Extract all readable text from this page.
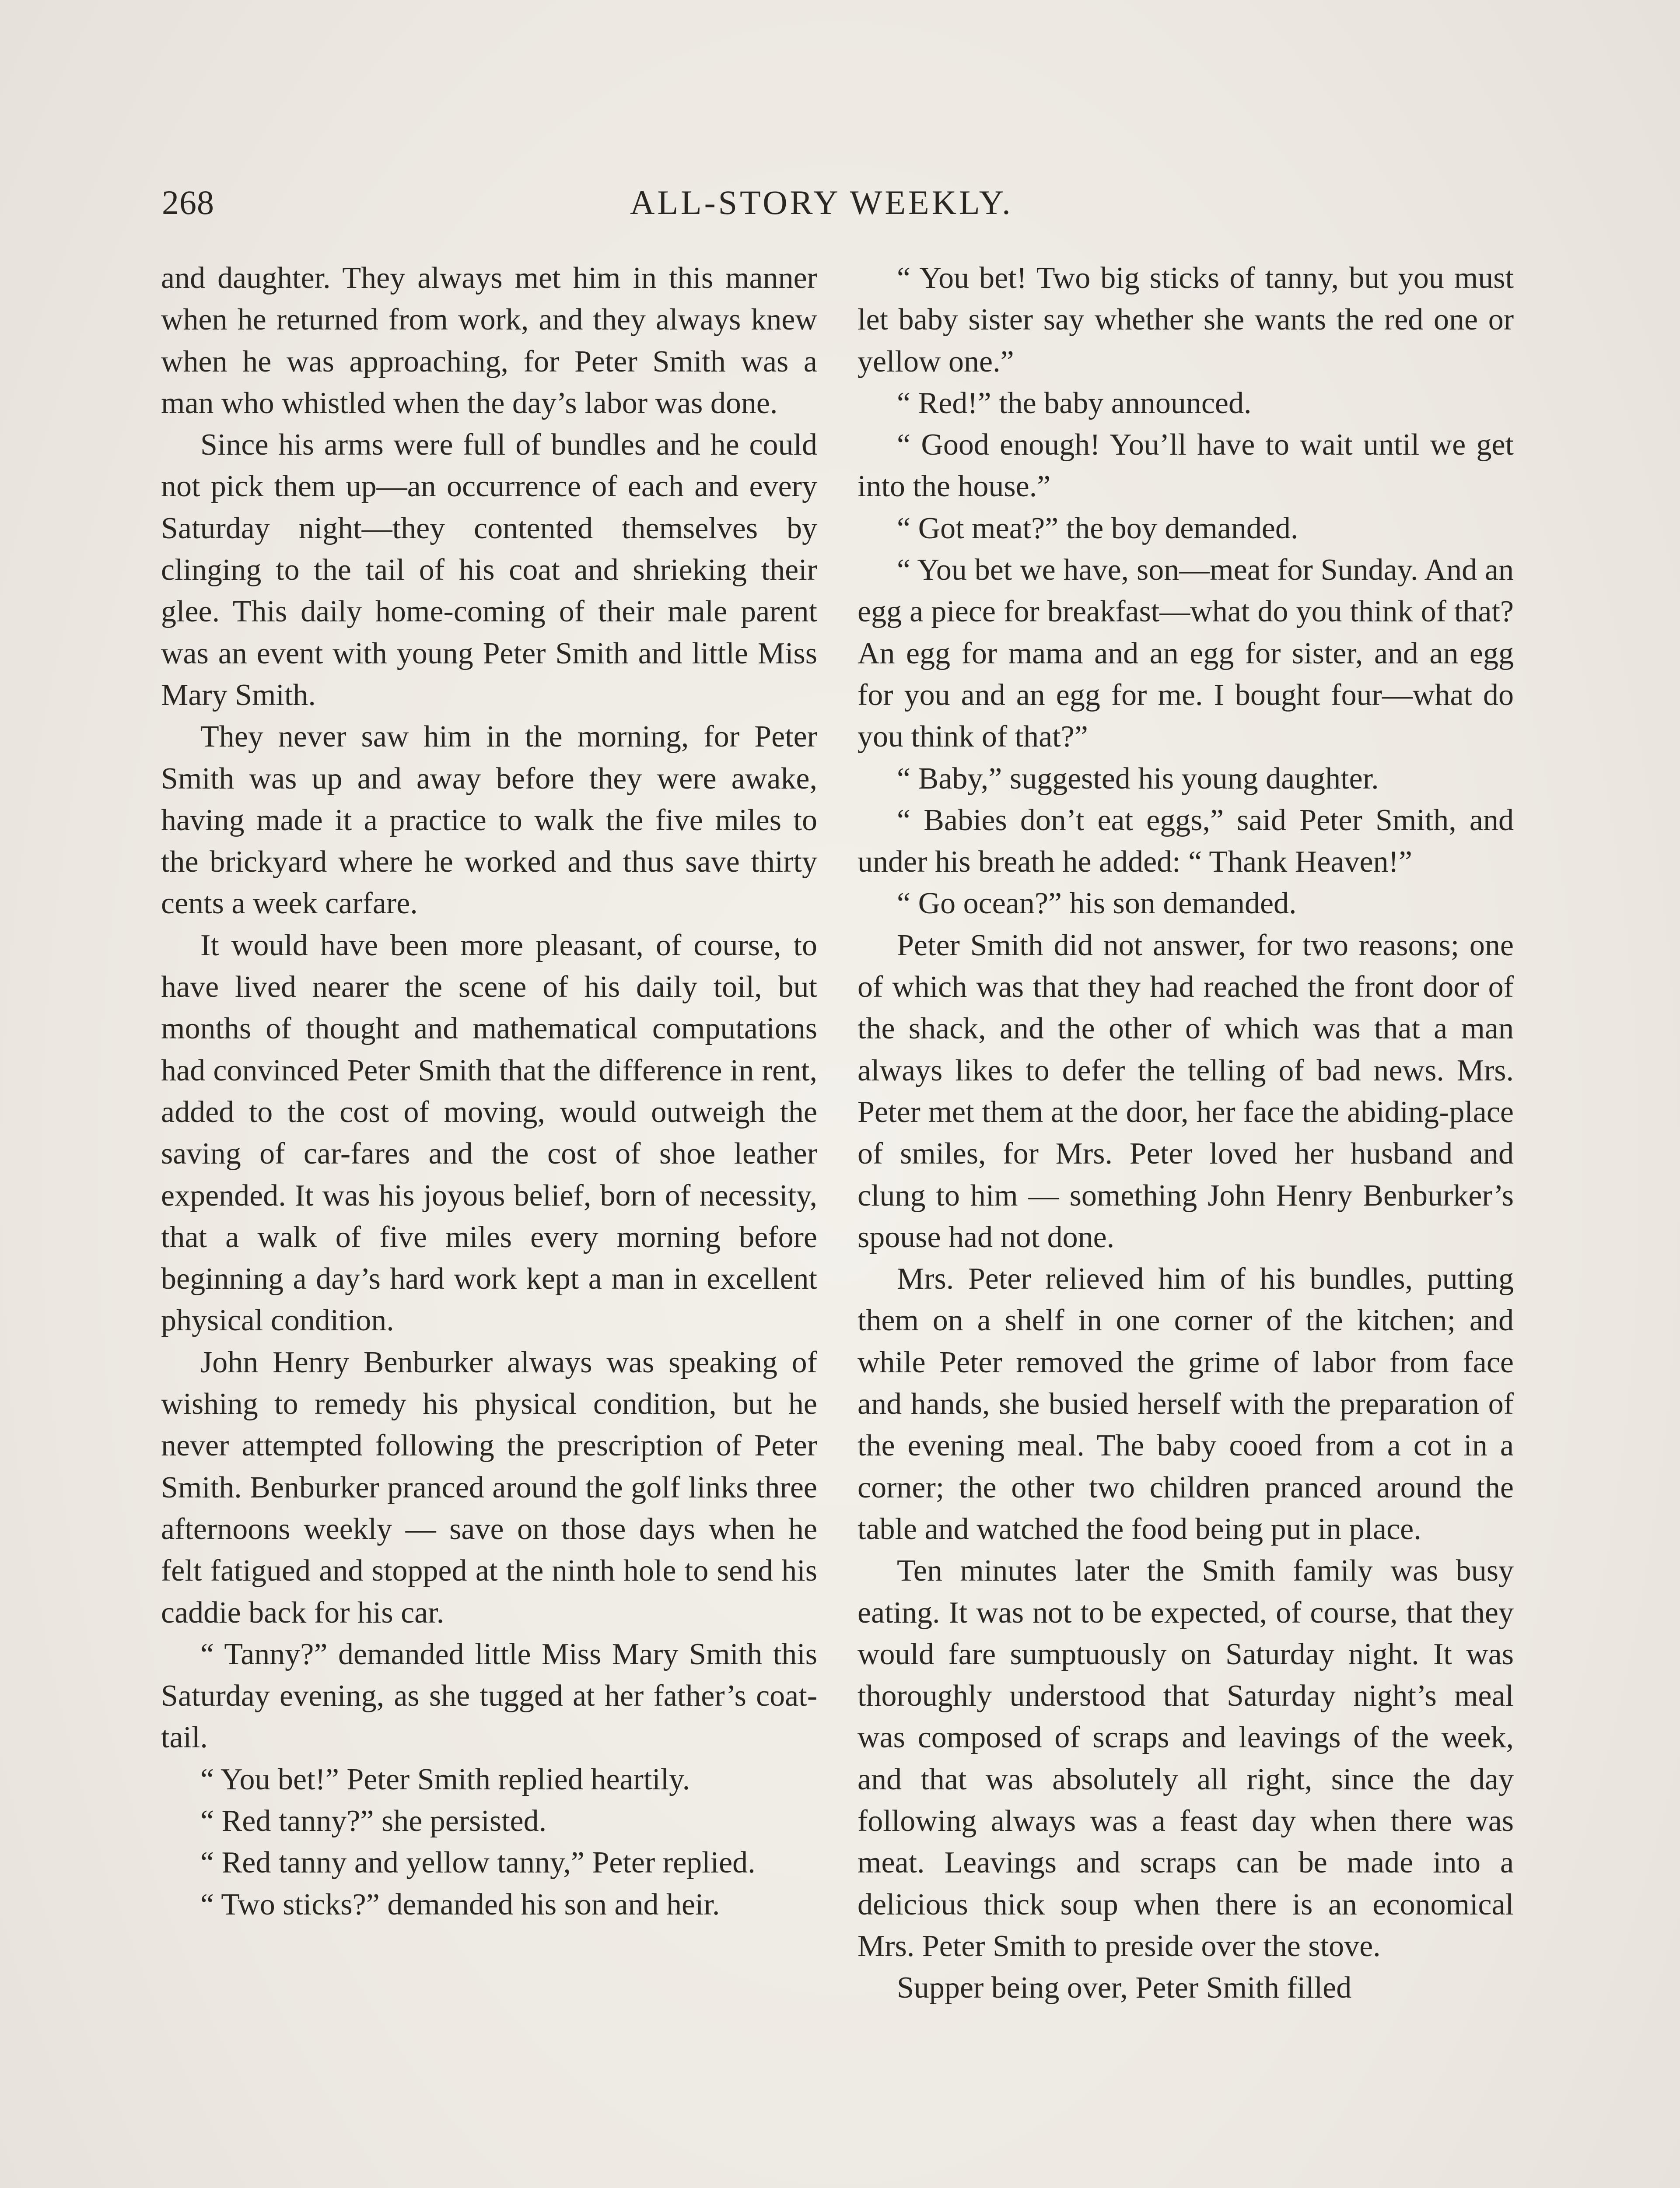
268	ALL-STORY WEEKLY.

and daughter. They always met him in this manner when he returned from work, and they always knew when he was approaching, for Peter Smith was a man who whistled when the day’s labor was done.

Since his arms were full of bundles and he could not pick them up—an occurrence of each and every Saturday night—they contented themselves by clinging to the tail of his coat and shrieking their glee. This daily home-coming of their male parent was an event with young Peter Smith and little Miss Mary Smith.

They never saw him in the morning, for Peter Smith was up and away before they were awake, having made it a practice to walk the five miles to the brickyard where he worked and thus save thirty cents a week carfare.

It would have been more pleasant, of course, to have lived nearer the scene of his daily toil, but months of thought and mathematical computations had convinced Peter Smith that the difference in rent, added to the cost of moving, would outweigh the saving of car-fares and the cost of shoe leather expended. It was his joyous belief, born of necessity, that a walk of five miles every morning before beginning a day’s hard work kept a man in excellent physical condition.

John Henry Benburker always was speaking of wishing to remedy his physical condition, but he never attempted following the prescription of Peter Smith. Benburker pranced around the golf links three afternoons weekly — save on those days when he felt fatigued and stopped at the ninth hole to send his caddie back for his car.

“ Tanny?” demanded little Miss Mary Smith this Saturday evening, as she tugged at her father’s coat-tail.

“ You bet!” Peter Smith replied heartily.

“ Red tanny?” she persisted.

“ Red tanny and yellow tanny,” Peter replied.

“ Two sticks?” demanded his son and heir.

“ You bet! Two big sticks of tanny, but you must let baby sister say whether she wants the red one or yellow one.”

“ Red!” the baby announced.

“ Good enough! You’ll have to wait until we get into the house.”

“ Got meat?” the boy demanded.

“ You bet we have, son—meat for Sunday. And an egg a piece for breakfast—what do you think of that? An egg for mama and an egg for sister, and an egg for you and an egg for me. I bought four—what do you think of that?”

“ Baby,” suggested his young daughter.

“ Babies don’t eat eggs,” said Peter Smith, and under his breath he added: “ Thank Heaven!”

“ Go ocean?” his son demanded.

Peter Smith did not answer, for two reasons; one of which was that they had reached the front door of the shack, and the other of which was that a man always likes to defer the telling of bad news. Mrs. Peter met them at the door, her face the abiding-place of smiles, for Mrs. Peter loved her husband and clung to him — something John Henry Benburker’s spouse had not done.

Mrs. Peter relieved him of his bundles, putting them on a shelf in one corner of the kitchen; and while Peter removed the grime of labor from face and hands, she busied herself with the preparation of the evening meal. The baby cooed from a cot in a corner; the other two children pranced around the table and watched the food being put in place.

Ten minutes later the Smith family was busy eating. It was not to be expected, of course, that they would fare sumptuously on Saturday night. It was thoroughly understood that Saturday night’s meal was composed of scraps and leavings of the week, and that was absolutely all right, since the day following always was a feast day when there was meat. Leavings and scraps can be made into a delicious thick soup when there is an economical Mrs. Peter Smith to preside over the stove.

Supper being over, Peter Smith filled
